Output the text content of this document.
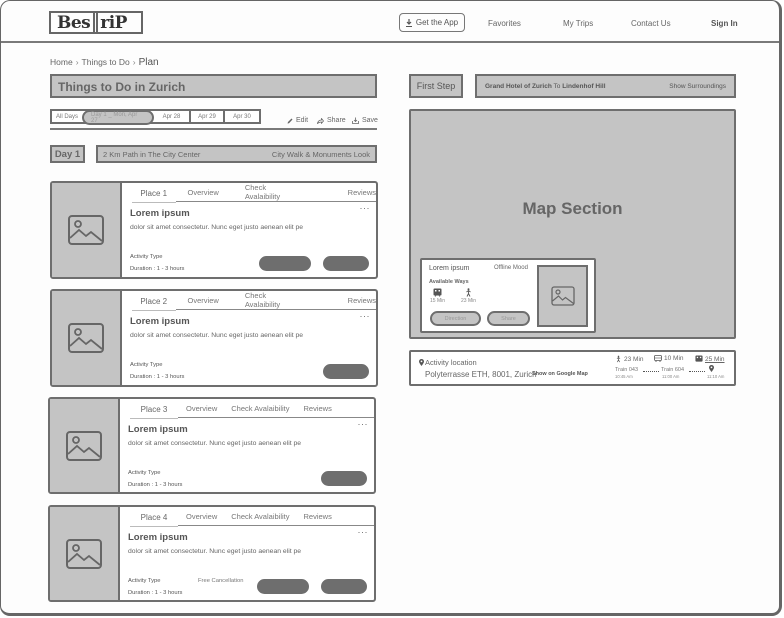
Bes riP	Get the App	Favorites	My Trips	Contact Us	Sign In
Home › Things to Do › Plan
Things to Do in Zurich
All Days	Day 1 _ Mon, Apr 27
Apr 28	Apr 29	Apr 30
Edit	Share Save
Day 1	2 Km Path in The City Center	City Walk & Monuments Look
Place 1	Overview	Check Avalaibility	Reviews
Lorem ipsum	···
dolor sit amet consectetur. Nunc eget justo aenean elit pe
Activity Type
Duration : 1 - 3 hours
Place 2	Overview	Check Avalaibility	Reviews
Lorem ipsum	···
dolor sit amet consectetur. Nunc eget justo aenean elit pe
Activity Type
Duration : 1 - 3 hours
Place 3	Overview Check Avalaibility Reviews
Lorem ipsum	···
dolor sit amet consectetur. Nunc eget justo aenean elit pe
Activity Type
Duration : 1 - 3 hours
Place 4	Overview Check Avalaibility Reviews
Lorem ipsum	···
dolor sit amet consectetur. Nunc eget justo aenean elit pe
Activity Type	Free Cancellation
Duration : 1 - 3 hours
First Step	Grand Hotel of Zurich To Lindenhof Hill	Show Surroundings
Map Section
Lorem ipsum	Offline Mood
Available Ways
15 Min	23 Min
Direction	Share
Activity location
Polyterrasse ETH, 8001, Zurich
Show on Google Map
23 Min	10 Min	25 Min
Train 043	Train 604
10:45 Am	11:00 Am	11:10 Am
